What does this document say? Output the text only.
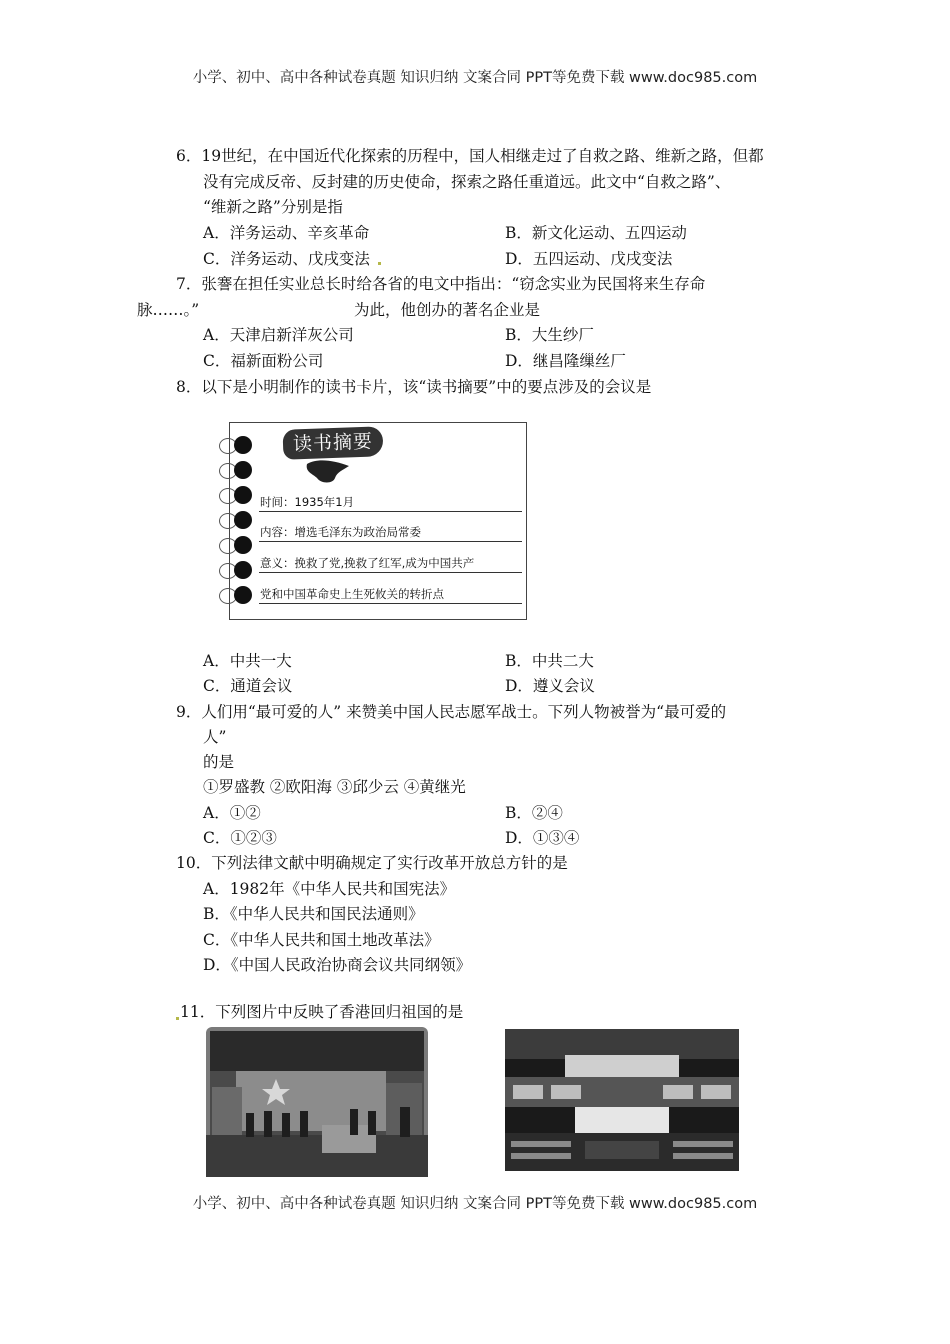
小学、初中、高中各种试卷真题 知识归纳 文案合同 PPT等免费下载 www.doc985.com
6．19世纪，在中国近代化探索的历程中，国人相继走过了自救之路、维新之路，但都
没有完成反帝、反封建的历史使命，探索之路任重道远。此文中“自救之路”、
“维新之路”分别是指
A．洋务运动、辛亥革命	B．新文化运动、五四运动
C．洋务运动、戊戌变法	D．五四运动、戊戌变法
7．张謇在担任实业总长时给各省的电文中指出：“窃念实业为民国将来生存命
脉……。”	为此，他创办的著名企业是
A．天津启新洋灰公司	B．大生纱厂
C．福新面粉公司	D．继昌隆缫丝厂
8．以下是小明制作的读书卡片，该“读书摘要”中的要点涉及的会议是
读书摘要
时间：1935年1月
内容：增选毛泽东为政治局常委
意义：挽救了党,挽救了红军,成为中国共产
党和中国革命史上生死攸关的转折点
A．中共一大	B．中共二大
C．通道会议	D．遵义会议
9．人们用“最可爱的人” 来赞美中国人民志愿军战士。下列人物被誉为“最可爱的
人”
的是
①罗盛教 ②欧阳海 ③邱少云 ④黄继光
A．①②	B．②④
C．①②③	D．①③④
10．下列法律文献中明确规定了实行改革开放总方针的是
A．1982年《中华人民共和国宪法》
B．《中华人民共和国民法通则》
C．《中华人民共和国土地改革法》
D．《中国人民政治协商会议共同纲领》
11．下列图片中反映了香港回归祖国的是
小学、初中、高中各种试卷真题 知识归纳 文案合同 PPT等免费下载 www.doc985.com
